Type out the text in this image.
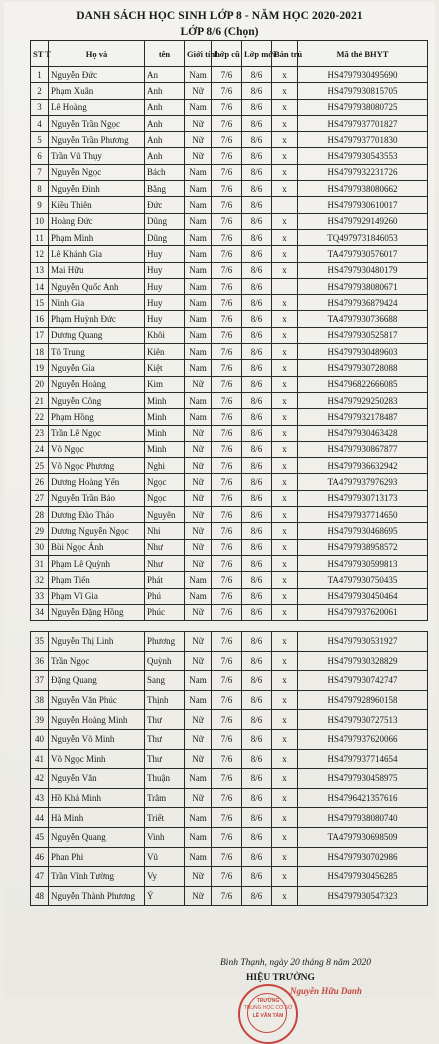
DANH SÁCH HỌC SINH LỚP 8 - NĂM HỌC 2020-2021
LỚP 8/6 (Chọn)
ST T	Họ và	tên	Giới tính	Lớp cũ	Lớp mới	Bán trú	Mã thẻ BHYT
1	Nguyễn Đức	An	Nam	7/6	8/6	x	HS4797930495690
2	Phạm Xuân	Anh	Nữ	7/6	8/6	x	HS4797930815705
3	Lê Hoàng	Anh	Nam	7/6	8/6	x	HS4797938080725
4	Nguyễn Trần Ngọc	Anh	Nữ	7/6	8/6	x	HS4797937701827
5	Nguyễn Trần Phương	Anh	Nữ	7/6	8/6	x	HS4797937701830
6	Trần Vũ Thụy	Anh	Nữ	7/6	8/6	x	HS4797930543553
7	Nguyễn Ngọc	Bách	Nam	7/6	8/6	x	HS4797932231726
8	Nguyễn Đình	Bằng	Nam	7/6	8/6	x	HS4797938080662
9	Kiều Thiên	Đức	Nam	7/6	8/6		HS4797930610017
10	Hoàng Đức	Dũng	Nam	7/6	8/6	x	HS4797929149260
11	Phạm Minh	Dũng	Nam	7/6	8/6	x	TQ4979731846053
12	Lê Khánh Gia	Huy	Nam	7/6	8/6	x	TA4797930576017
13	Mai Hữu	Huy	Nam	7/6	8/6	x	HS4797930480179
14	Nguyễn Quốc Anh	Huy	Nam	7/6	8/6		HS4797938080671
15	Ninh Gia	Huy	Nam	7/6	8/6	x	HS4797936879424
16	Phạm Huỳnh Đức	Huy	Nam	7/6	8/6	x	TA4797930736688
17	Dương Quang	Khôi	Nam	7/6	8/6	x	HS4797930525817
18	Tô Trung	Kiên	Nam	7/6	8/6	x	HS4797930489603
19	Nguyễn Gia	Kiệt	Nam	7/6	8/6	x	HS4797930728088
20	Nguyễn Hoàng	Kim	Nữ	7/6	8/6	x	HS4796822666085
21	Nguyễn Công	Minh	Nam	7/6	8/6	x	HS4797929250283
22	Phạm Hồng	Minh	Nam	7/6	8/6	x	HS4797932178487
23	Trần Lê Ngọc	Minh	Nữ	7/6	8/6	x	HS4797930463428
24	Võ Ngọc	Minh	Nữ	7/6	8/6	x	HS4797930867877
25	Võ Ngọc Phương	Nghi	Nữ	7/6	8/6	x	HS4797936632942
26	Dương Hoàng Yến	Ngọc	Nữ	7/6	8/6	x	TA4797937976293
27	Nguyễn Trần Bảo	Ngọc	Nữ	7/6	8/6	x	HS4797930713173
28	Dương Đào Thảo	Nguyên	Nữ	7/6	8/6	x	HS4797937714650
29	Dương Nguyễn Ngọc	Nhi	Nữ	7/6	8/6	x	HS4797930468695
30	Bùi Ngọc Ánh	Như	Nữ	7/6	8/6	x	HS4797938958572
31	Phạm Lê Quỳnh	Như	Nữ	7/6	8/6	x	HS4797930599813
32	Phạm Tiến	Phát	Nam	7/6	8/6	x	TA4797930750435
33	Phạm Vĩ Gia	Phú	Nam	7/6	8/6	x	HS4797930450464
34	Nguyễn Đặng Hồng	Phúc	Nữ	7/6	8/6	x	HS4797937620061
35	Nguyễn Thị Linh	Phương	Nữ	7/6	8/6	x	HS4797930531927
36	Trần Ngọc	Quỳnh	Nữ	7/6	8/6	x	HS4797930328829
37	Đặng Quang	Sang	Nam	7/6	8/6	x	HS4797930742747
38	Nguyễn Văn Phúc	Thịnh	Nam	7/6	8/6	x	HS4797928960158
39	Nguyễn Hoàng Minh	Thư	Nữ	7/6	8/6	x	HS4797930727513
40	Nguyễn Võ Minh	Thư	Nữ	7/6	8/6	x	HS4797937620066
41	Võ Ngọc Minh	Thư	Nữ	7/6	8/6	x	HS4797937714654
42	Nguyễn Văn	Thuận	Nam	7/6	8/6	x	HS4797930458975
43	Hồ Khả Minh	Trâm	Nữ	7/6	8/6	x	HS4796421357616
44	Hà Minh	Triết	Nam	7/6	8/6	x	HS4797938080740
45	Nguyễn Quang	Vinh	Nam	7/6	8/6	x	TA4797930698509
46	Phan Phi	Vũ	Nam	7/6	8/6	x	HS4797930702986
47	Trần Vĩnh Tường	Vy	Nữ	7/6	8/6	x	HS4797930456285
48	Nguyễn Thành Phương	Ý	Nữ	7/6	8/6	x	HS4797930547323
Bình Thạnh, ngày 20 tháng 8 năm 2020
HIỆU TRƯỞNG
TRƯỜNG
TRUNG HỌC CƠ SỞ
LÊ VĂN TÁM
Nguyễn Hữu Danh
